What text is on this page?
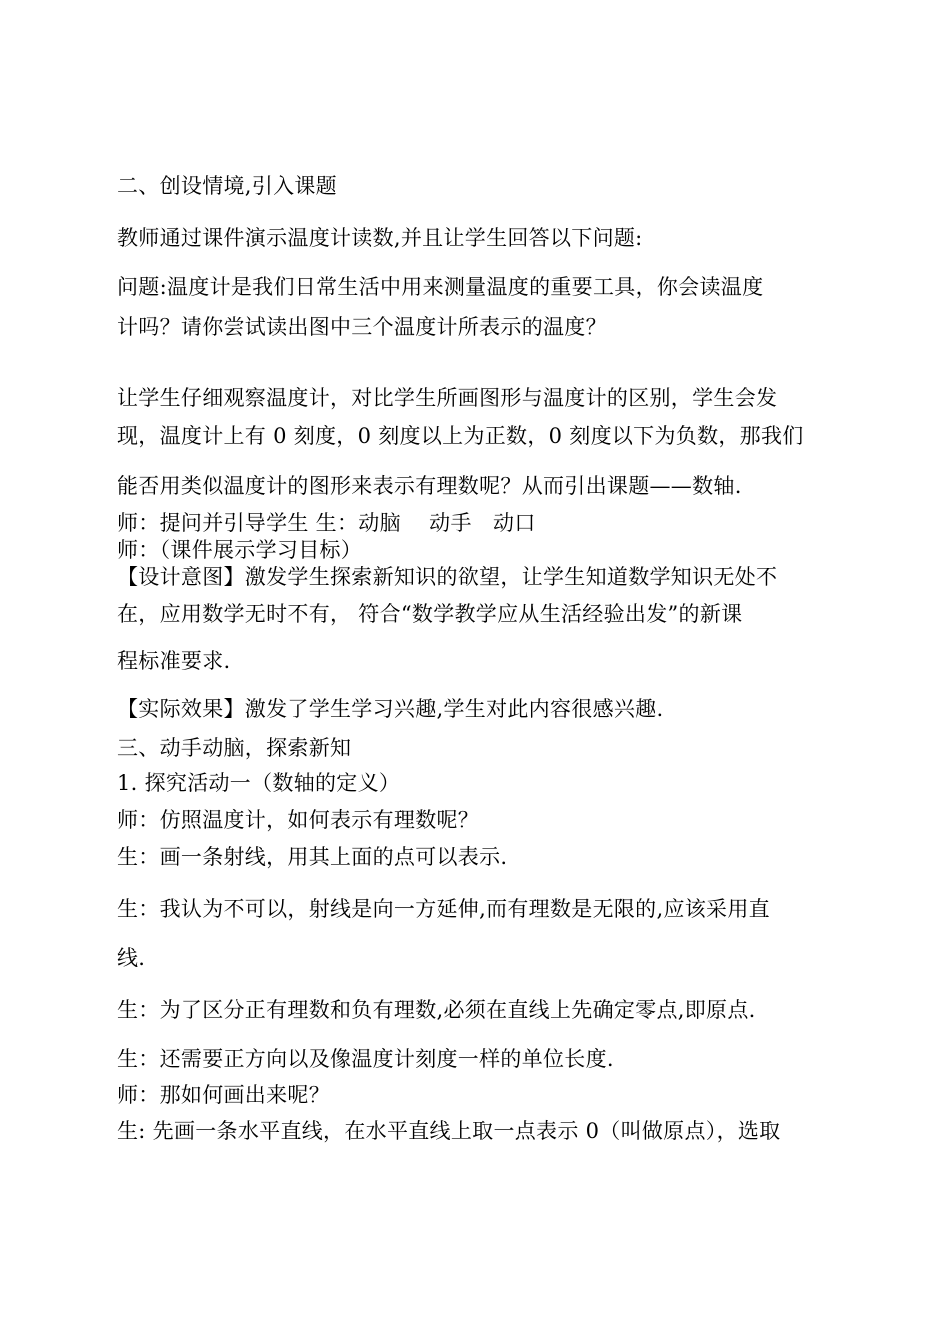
二、创设情境,引入课题
教师通过课件演示温度计读数,并且让学生回答以下问题:
问题:温度计是我们日常生活中用来测量温度的重要工具，你会读温度
计吗？请你尝试读出图中三个温度计所表示的温度？
让学生仔细观察温度计，对比学生所画图形与温度计的区别，学生会发
现，温度计上有 0 刻度，0 刻度以上为正数，0 刻度以下为负数，那我们
能否用类似温度计的图形来表示有理数呢？从而引出课题——数轴.
师：提问并引导学生 生：动脑　 动手　动口
师：（课件展示学习目标）
【设计意图】激发学生探索新知识的欲望，让学生知道数学知识无处不
在，应用数学无时不有， 符合“数学教学应从生活经验出发”的新课
程标准要求.
【实际效果】激发了学生学习兴趣,学生对此内容很感兴趣.
三、动手动脑，探索新知
1. 探究活动一（数轴的定义）
师：仿照温度计，如何表示有理数呢？
生：画一条射线，用其上面的点可以表示.
生：我认为不可以，射线是向一方延伸,而有理数是无限的,应该采用直
线.
生：为了区分正有理数和负有理数,必须在直线上先确定零点,即原点.
生：还需要正方向以及像温度计刻度一样的单位长度.
师：那如何画出来呢？
生: 先画一条水平直线，在水平直线上取一点表示 0（叫做原点），选取
